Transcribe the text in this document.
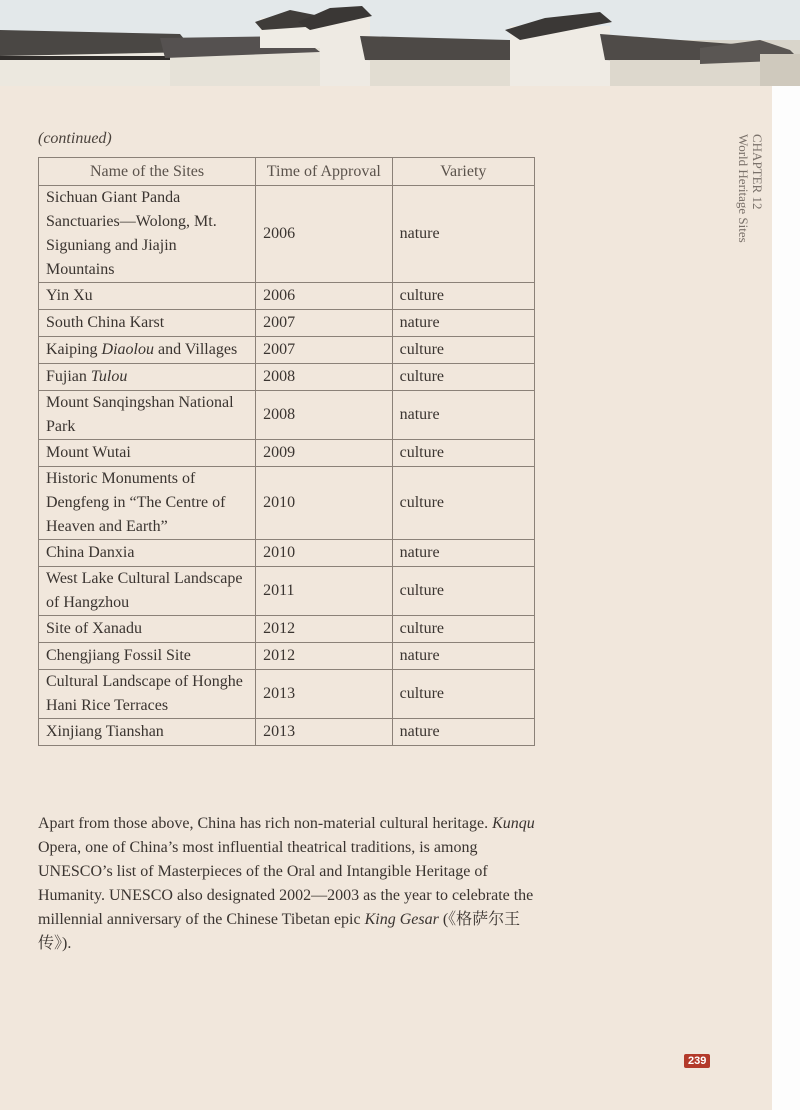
(continued)	CHAPTER 12
World Heritage Sites
Name of the Sites	Time of Approval	Variety
Sichuan Giant Panda Sanctuaries—Wolong, Mt. Siguniang and Jiajin Mountains	2006	nature
Yin Xu	2006	culture
South China Karst	2007	nature
Kaiping Diaolou and Villages	2007	culture
Fujian Tulou	2008	culture
Mount Sanqingshan National Park	2008	nature
Mount Wutai	2009	culture
Historic Monuments of Dengfeng in “The Centre of Heaven and Earth”	2010	culture
China Danxia	2010	nature
West Lake Cultural Landscape of Hangzhou	2011	culture
Site of Xanadu	2012	culture
Chengjiang Fossil Site	2012	nature
Cultural Landscape of Honghe Hani Rice Terraces	2013	culture
Xinjiang Tianshan	2013	nature

Apart from those above, China has rich non-material cultural heritage. Kunqu Opera, one of China’s most influential theatrical traditions, is among UNESCO’s list of Masterpieces of the Oral and Intangible Heritage of Humanity. UNESCO also designated 2002—2003 as the year to celebrate the millennial anniversary of the Chinese Tibetan epic King Gesar (《格萨尔王传》).

239
